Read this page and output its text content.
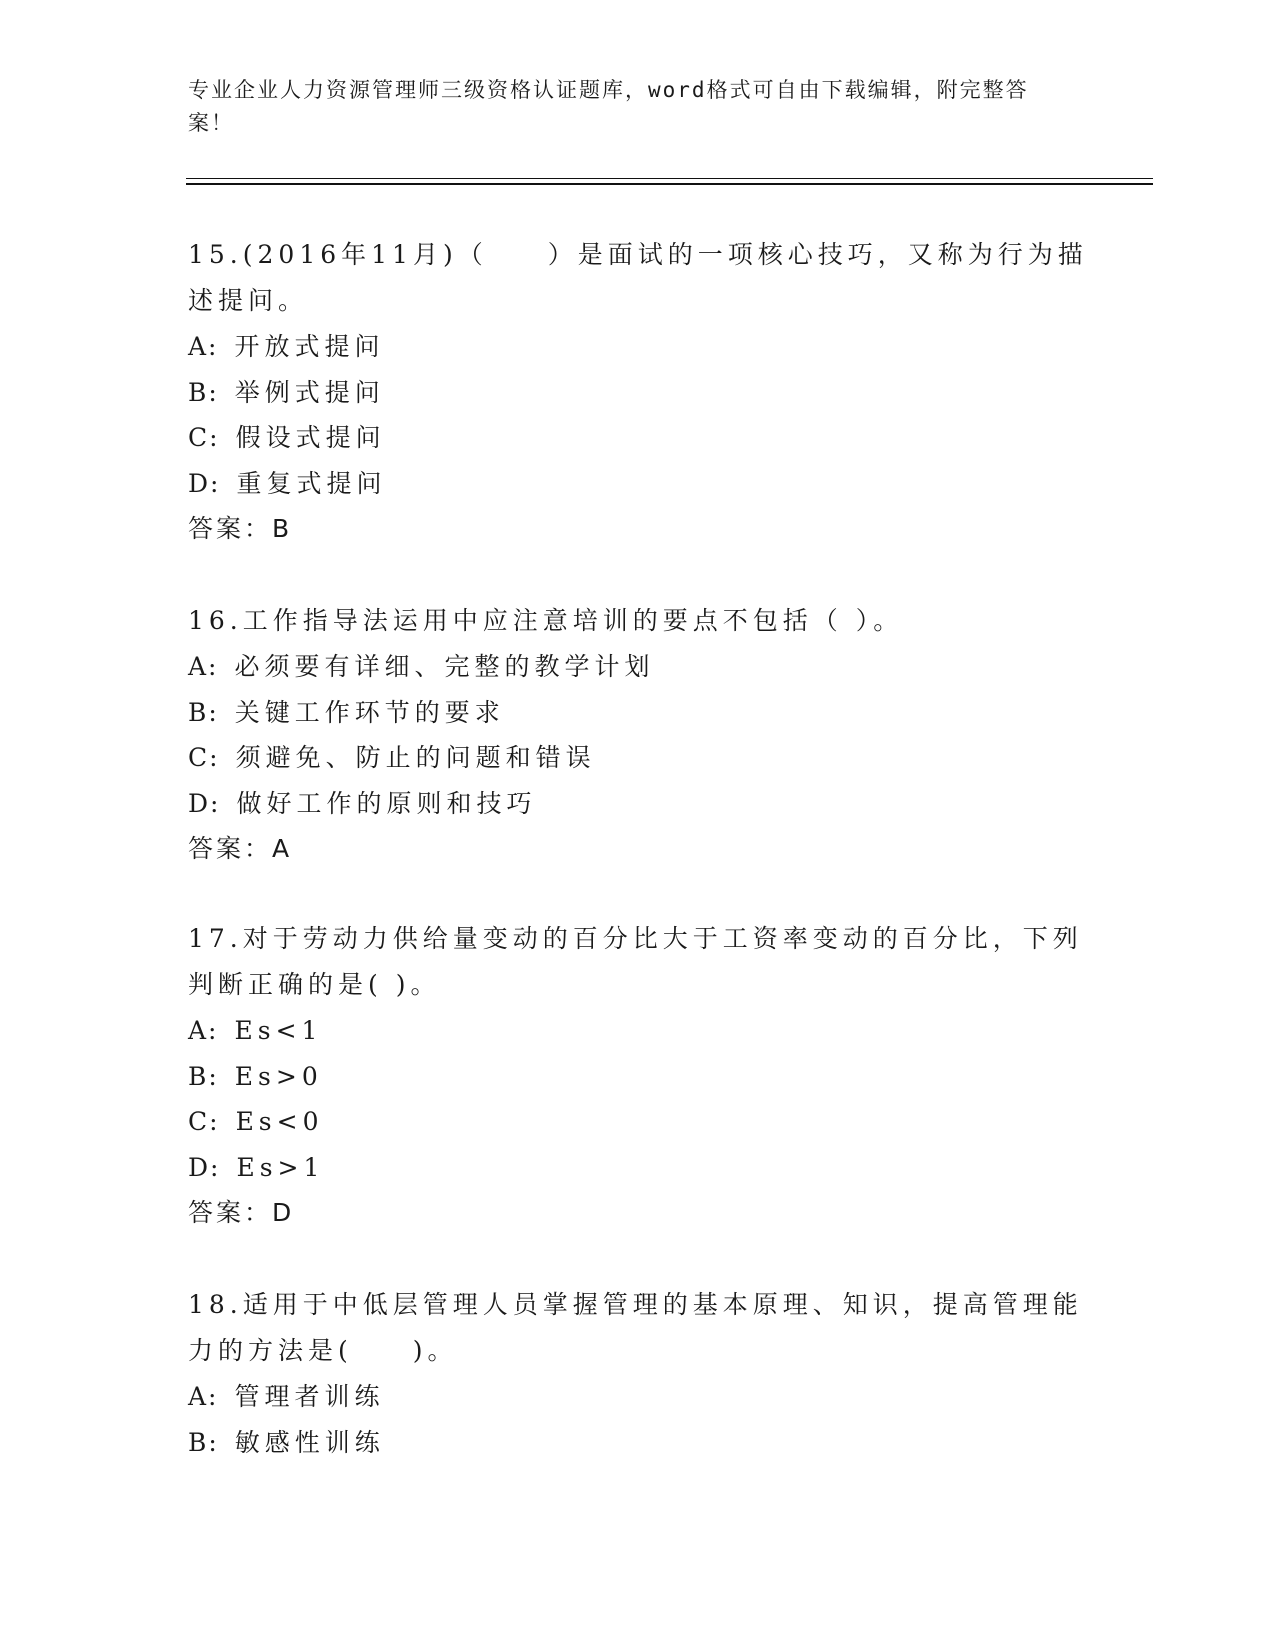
专业企业人力资源管理师三级资格认证题库，word格式可自由下载编辑，附完整答案！

15.(2016年11月)（　　）是面试的一项核心技巧，又称为行为描述提问。

A: 开放式提问

B: 举例式提问

C: 假设式提问

D: 重复式提问

答案：B

16.工作指导法运用中应注意培训的要点不包括（ ）。

A: 必须要有详细、完整的教学计划

B: 关键工作环节的要求

C: 须避免、防止的问题和错误

D: 做好工作的原则和技巧

答案：A

17.对于劳动力供给量变动的百分比大于工资率变动的百分比，下列判断正确的是( )。

A: Es<1

B: Es>0

C: Es<0

D: Es>1

答案：D

18.适用于中低层管理人员掌握管理的基本原理、知识，提高管理能力的方法是(　　)。

A: 管理者训练

B: 敏感性训练
